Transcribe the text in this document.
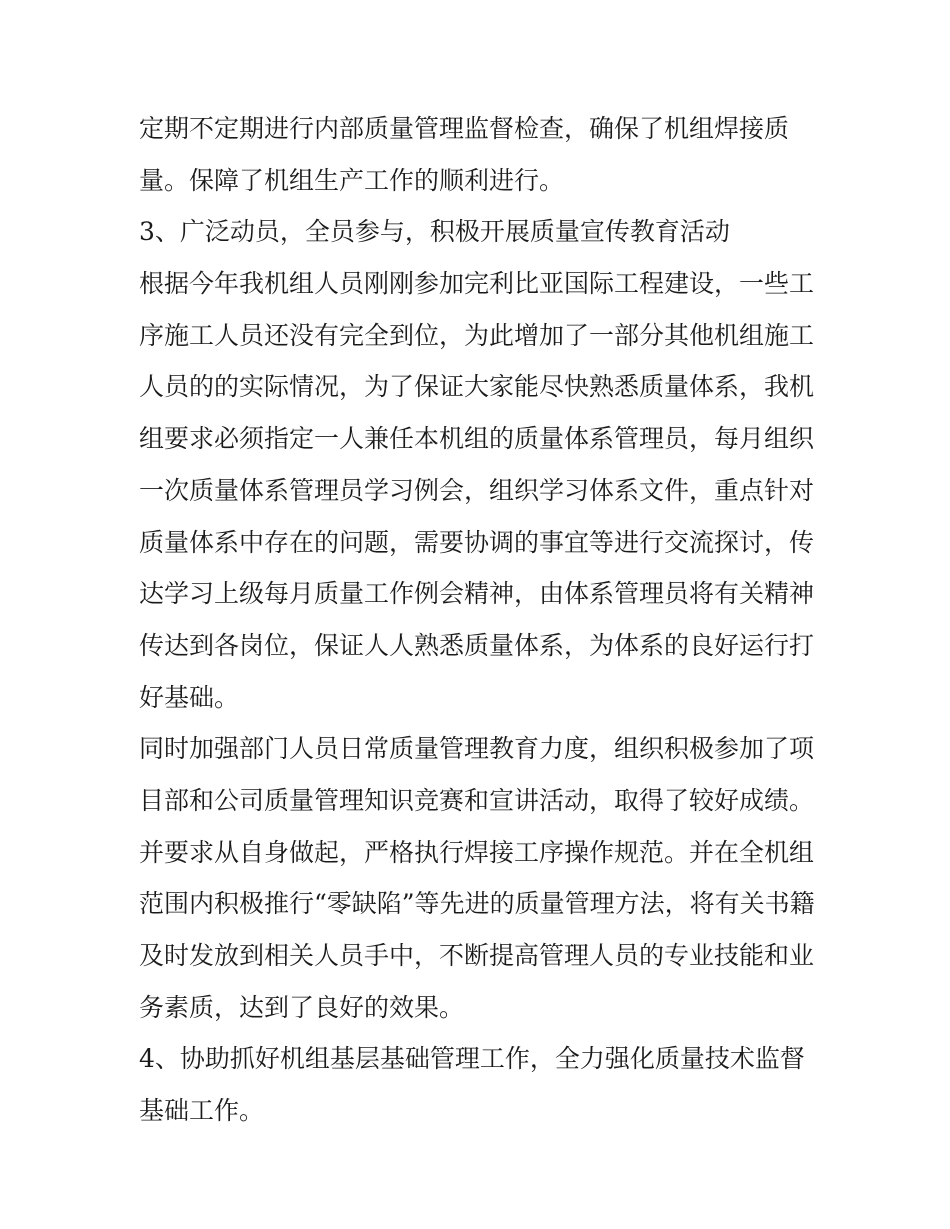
定期不定期进行内部质量管理监督检查，确保了机组焊接质
量。保障了机组生产工作的顺利进行。
3、广泛动员，全员参与，积极开展质量宣传教育活动
根据今年我机组人员刚刚参加完利比亚国际工程建设，一些工
序施工人员还没有完全到位，为此增加了一部分其他机组施工
人员的的实际情况，为了保证大家能尽快熟悉质量体系，我机
组要求必须指定一人兼任本机组的质量体系管理员，每月组织
一次质量体系管理员学习例会，组织学习体系文件，重点针对
质量体系中存在的问题，需要协调的事宜等进行交流探讨，传
达学习上级每月质量工作例会精神，由体系管理员将有关精神
传达到各岗位，保证人人熟悉质量体系，为体系的良好运行打
好基础。
同时加强部门人员日常质量管理教育力度，组织积极参加了项
目部和公司质量管理知识竞赛和宣讲活动，取得了较好成绩。
并要求从自身做起，严格执行焊接工序操作规范。并在全机组
范围内积极推行“零缺陷”等先进的质量管理方法，将有关书籍
及时发放到相关人员手中，不断提高管理人员的专业技能和业
务素质，达到了良好的效果。
4、协助抓好机组基层基础管理工作，全力强化质量技术监督
基础工作。
